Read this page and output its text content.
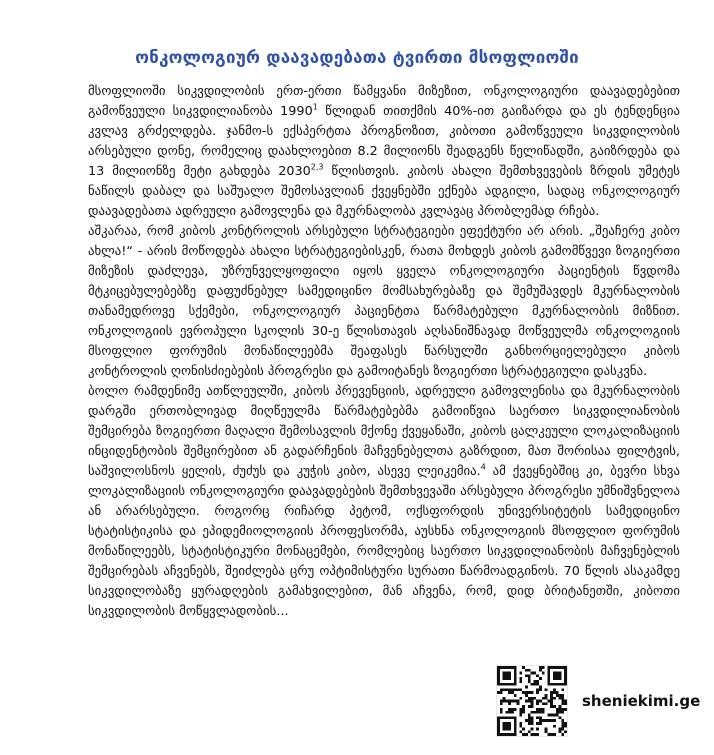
ონკოლოგიურ დაავადებათა ტვირთი მსოფლიოში

მსოფლიოში სიკვდილობის ერთ-ერთი წამყვანი მიზეზით, ონკოლოგიური დაავადებებით გამოწვეული სიკვდილიანობა 1990$^1$ წლიდან თითქმის 40%-ით გაიზარდა და ეს ტენდენცია კვლავ გრძელდება. ჯანმო-ს ექსპერტთა პროგნოზით, კიბოთი გამოწვეული სიკვდილობის არსებული დონე, რომელიც დაახლოებით 8.2 მილიონს შეადგენს წელიწადში, გაიზრდება და 13 მილიონზე მეტი გახდება 2030$^{2,3}$ წლისთვის. კიბოს ახალი შემთხვევების ზრდის უმეტეს ნაწილს დაბალ და საშუალო შემოსავლიან ქვეყნებში ექნება ადგილი, სადაც ონკოლოგიურ დაავადებათა ადრეული გამოვლენა და მკურნალობა კვლავაც პრობლემად რჩება.

აშკარაა, რომ კიბოს კონტროლის არსებული სტრატეგიები ეფექტური არ არის. „შეაჩერე კიბო ახლა!“ - არის მოწოდება ახალი სტრატეგიებისკენ, რათა მოხდეს კიბოს გამომწვევი ზოგიერთი მიზეზის დაძლევა, უზრუნველყოფილი იყოს ყველა ონკოლოგიური პაციენტის წვდომა მტკიცებულებებზე დაფუძნებულ სამედიცინო მომსახურებაზე და შემუშავდეს მკურნალობის თანამედროვე სქემები, ონკოლოგიურ პაციენტთა წარმატებული მკურნალობის მიზნით. ონკოლოგიის ევროპული სკოლის 30-ე წლისთავის აღსანიშნავად მოწვეულმა ონკოლოგიის მსოფლიო ფორუმის მონაწილეებმა შეაფასეს წარსულში განხორციელებული კიბოს კონტროლის ღონისძიებების პროგრესი და გამოიტანეს ზოგიერთი სტრატეგიული დასკვნა.

ბოლო რამდენიმე ათწლეულში, კიბოს პრევენციის, ადრეული გამოვლენისა და მკურნალობის დარგში ერთობლივად მიღწეულმა წარმატებებმა გამოიწვია საერთო სიკვდილიანობის შემცირება ზოგიერთი მაღალი შემოსავლის მქონე ქვეყანაში, კიბოს ცალკეული ლოკალიზაციის ინციდენტობის შემცირებით ან გადარჩენის მაჩვენებელთა გაზრდით, მათ შორისაა ფილტვის, საშვილოსნოს ყელის, ძუძუს და კუჭის კიბო, ასევე ლეიკემია.$^4$ ამ ქვეყნებშიც კი, ბევრი სხვა ლოკალიზაციის ონკოლოგიური დაავადებების შემთხვევაში არსებული პროგრესი უმნიშვნელოა ან არარსებული. როგორც რიჩარდ პეტომ, ოქსფორდის უნივერსიტეტის სამედიცინო სტატისტიკისა და ეპიდემიოლოგიის პროფესორმა, აუსხნა ონკოლოგიის მსოფლიო ფორუმის მონაწილეებს, სტატისტიკური მონაცემები, რომლებიც საერთო სიკვდილიანობის მაჩვენებლის შემცირებას აჩვენებს, შეიძლება ცრუ ოპტიმისტური სურათი წარმოადგინოს. 70 წლის ასაკამდე სიკვდილობაზე ყურადღების გამახვილებით, მან აჩვენა, რომ, დიდ ბრიტანეთში, კიბოთი სიკვდილობის მოწყვლადობის...

sheniekimi.ge
